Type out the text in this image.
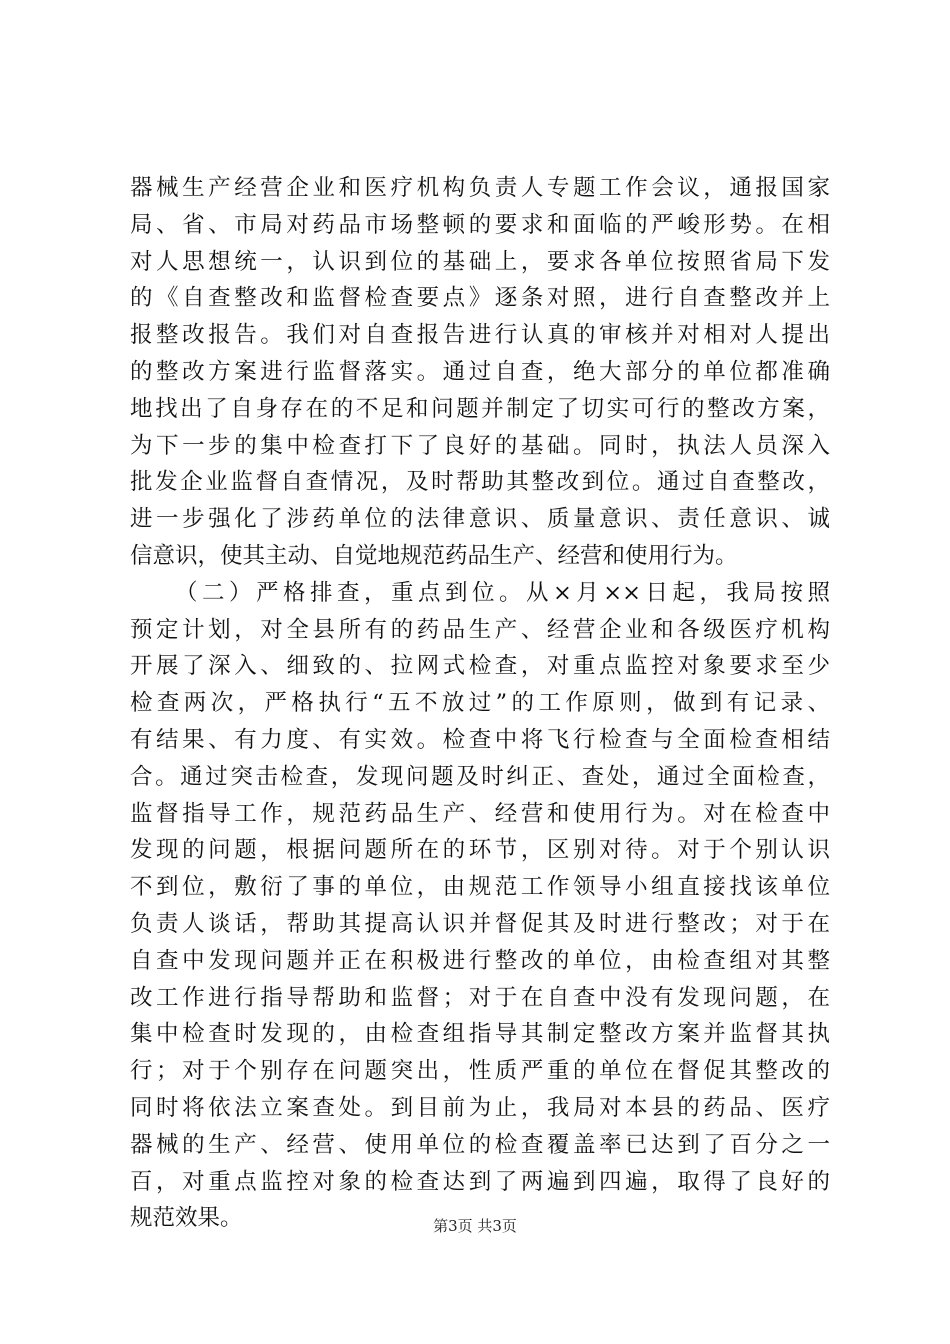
器械生产经营企业和医疗机构负责人专题工作会议，通报国家
局、省、市局对药品市场整顿的要求和面临的严峻形势。在相
对人思想统一，认识到位的基础上，要求各单位按照省局下发
的《自查整改和监督检查要点》逐条对照，进行自查整改并上
报整改报告。我们对自查报告进行认真的审核并对相对人提出
的整改方案进行监督落实。通过自查，绝大部分的单位都准确
地找出了自身存在的不足和问题并制定了切实可行的整改方案，
为下一步的集中检查打下了良好的基础。同时，执法人员深入
批发企业监督自查情况，及时帮助其整改到位。通过自查整改，
进一步强化了涉药单位的法律意识、质量意识、责任意识、诚
信意识，使其主动、自觉地规范药品生产、经营和使用行为。
（二）严格排查，重点到位。从×月××日起，我局按照
预定计划，对全县所有的药品生产、经营企业和各级医疗机构
开展了深入、细致的、拉网式检查，对重点监控对象要求至少
检查两次，严格执行“五不放过”的工作原则，做到有记录、
有结果、有力度、有实效。检查中将飞行检查与全面检查相结
合。通过突击检查，发现问题及时纠正、查处，通过全面检查，
监督指导工作，规范药品生产、经营和使用行为。对在检查中
发现的问题，根据问题所在的环节，区别对待。对于个别认识
不到位，敷衍了事的单位，由规范工作领导小组直接找该单位
负责人谈话，帮助其提高认识并督促其及时进行整改；对于在
自查中发现问题并正在积极进行整改的单位，由检查组对其整
改工作进行指导帮助和监督；对于在自查中没有发现问题，在
集中检查时发现的，由检查组指导其制定整改方案并监督其执
行；对于个别存在问题突出，性质严重的单位在督促其整改的
同时将依法立案查处。到目前为止，我局对本县的药品、医疗
器械的生产、经营、使用单位的检查覆盖率已达到了百分之一
百，对重点监控对象的检查达到了两遍到四遍，取得了良好的
规范效果。	第3页 共3页
